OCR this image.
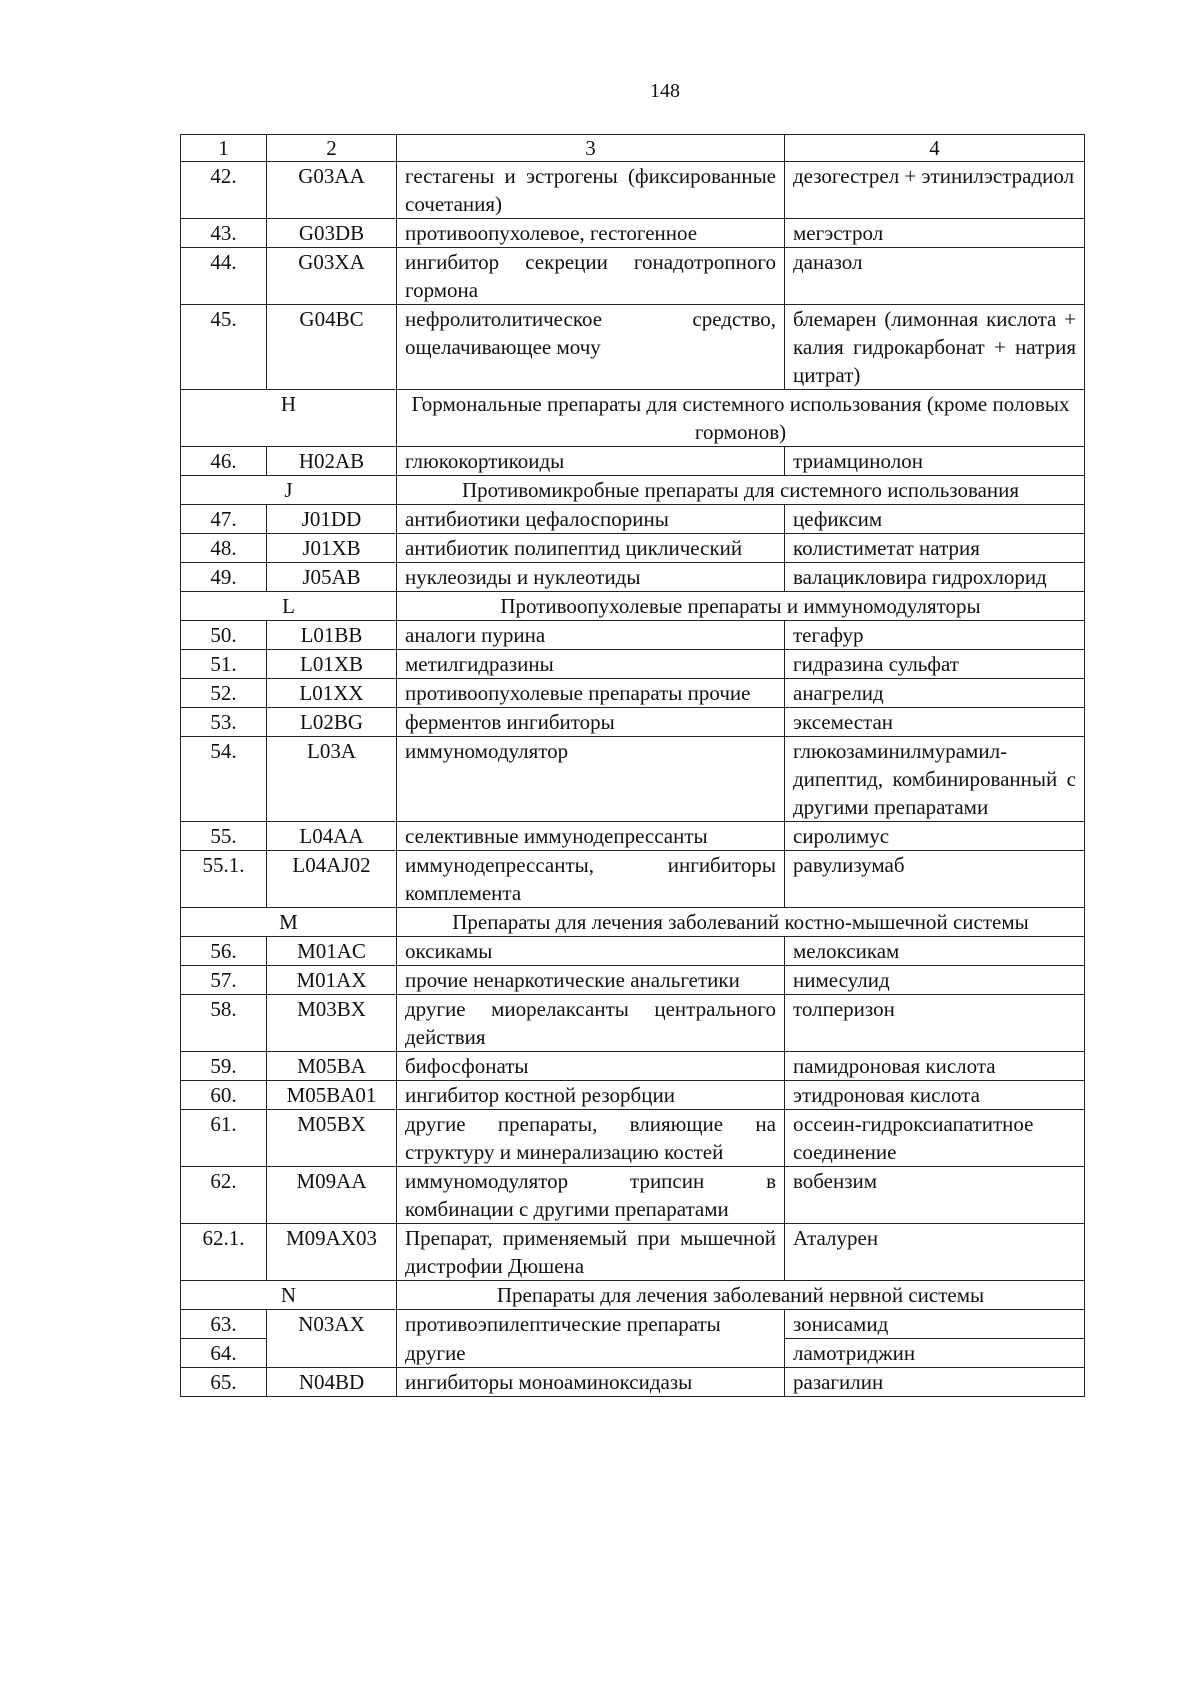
148
1	2	3	4
42.	G03AA	гестагены и эстрогены (фиксированные сочетания)	дезогестрел + этинилэстрадиол
43.	G03DB	противоопухолевое, гестогенное	мегэстрол
44.	G03XA	ингибитор секреции гонадотропного гормона	даназол
45.	G04BC	нефролитолитическое средство, ощелачивающее мочу	блемарен (лимонная кислота + калия гидрокарбонат + натрия цитрат)
H		Гормональные препараты для системного использования (кроме половых гормонов)	
46.	H02AB	глюкокортикоиды	триамцинолон
J		Противомикробные препараты для системного использования	
47.	J01DD	антибиотики цефалоспорины	цефиксим
48.	J01XB	антибиотик полипептид циклический	колистиметат натрия
49.	J05AB	нуклеозиды и нуклеотиды	валацикловира гидрохлорид
L		Противоопухолевые препараты и иммуномодуляторы	
50.	L01BB	аналоги пурина	тегафур
51.	L01XB	метилгидразины	гидразина сульфат
52.	L01XX	противоопухолевые препараты прочие	анагрелид
53.	L02BG	ферментов ингибиторы	эксеместан
54.	L03A	иммуномодулятор	глюкозаминилмурамил-дипептид, комбинированный с другими препаратами
55.	L04AA	селективные иммунодепрессанты	сиролимус
55.1.	L04AJ02	иммунодепрессанты, ингибиторы комплемента	равулизумаб
M		Препараты для лечения заболеваний костно-мышечной системы	
56.	M01AC	оксикамы	мелоксикам
57.	M01AX	прочие ненаркотические анальгетики	нимесулид
58.	M03BX	другие миорелаксанты центрального действия	толперизон
59.	M05BA	бифосфонаты	памидроновая кислота
60.	M05BA01	ингибитор костной резорбции	этидроновая кислота
61.	M05BX	другие препараты, влияющие на структуру и минерализацию костей	оссеин-гидроксиапатитное соединение
62.	M09AA	иммуномодулятор трипсин в комбинации с другими препаратами	вобензим
62.1.	M09AX03	Препарат, применяемый при мышечной дистрофии Дюшена	Аталурен
N		Препараты для лечения заболеваний нервной системы	
63.	N03AX	противоэпилептические препараты	зонисамид
64.		другие	ламотриджин
65.	N04BD	ингибиторы моноаминоксидазы	разагилин
